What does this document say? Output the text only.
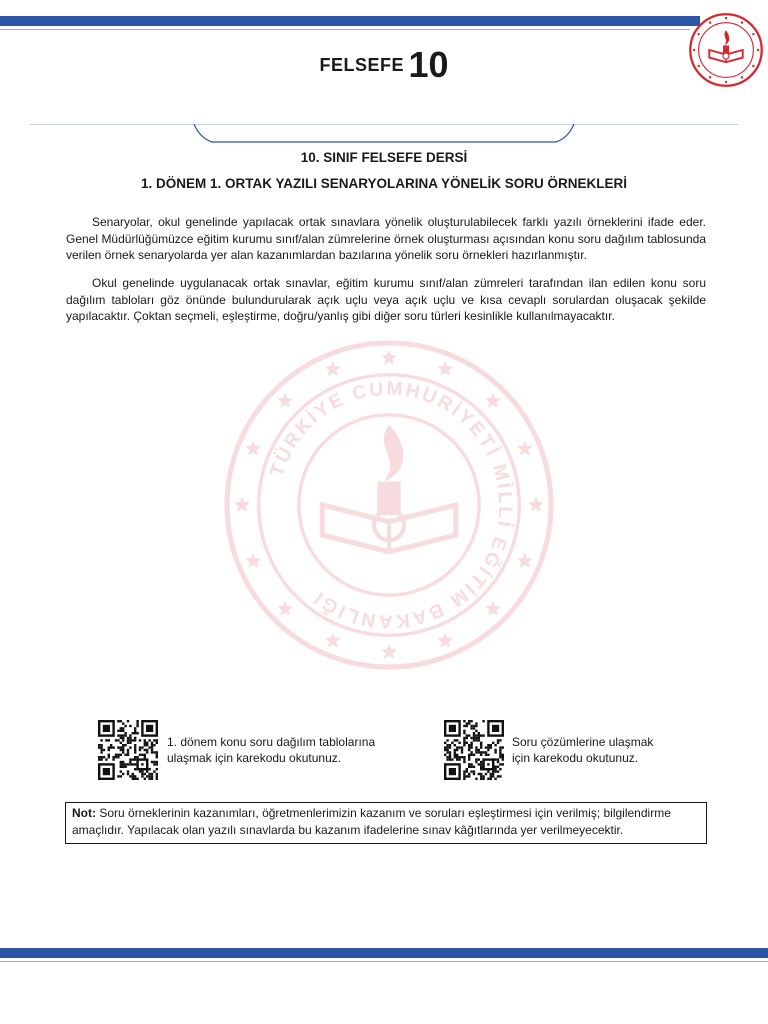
FELSEFE 10
10. SINIF FELSEFE DERSİ
1. DÖNEM 1. ORTAK YAZILI SENARYOLARINA YÖNELİK SORU ÖRNEKLERİ

Senaryolar, okul genelinde yapılacak ortak sınavlara yönelik oluşturulabilecek farklı yazılı örneklerini ifade eder. Genel Müdürlüğümüzce eğitim kurumu sınıf/alan zümrelerine örnek oluşturması açısından konu soru dağılım tablosunda verilen örnek senaryolarda yer alan kazanımlardan bazılarına yönelik soru örnekleri hazırlanmıştır.

Okul genelinde uygulanacak ortak sınavlar, eğitim kurumu sınıf/alan zümreleri tarafından ilan edilen konu soru dağılım tabloları göz önünde bulundurularak açık uçlu veya açık uçlu ve kısa cevaplı sorulardan oluşacak şekilde yapılacaktır. Çoktan seçmeli, eşleştirme, doğru/yanlış gibi diğer soru türleri kesinlikle kullanılmayacaktır.

TÜRKİYE CUMHURİYETİ MİLLİ EĞİTİM BAKANLIĞI
1. dönem konu soru dağılım tablolarına
ulaşmak için karekodu okutunuz.
Soru çözümlerine ulaşmak
için karekodu okutunuz.
Not: Soru örneklerinin kazanımları, öğretmenlerimizin kazanım ve soruları eşleştirmesi için verilmiş; bilgilendirme amaçlıdır. Yapılacak olan yazılı sınavlarda bu kazanım ifadelerine sınav kâğıtlarında yer verilmeyecektir.
